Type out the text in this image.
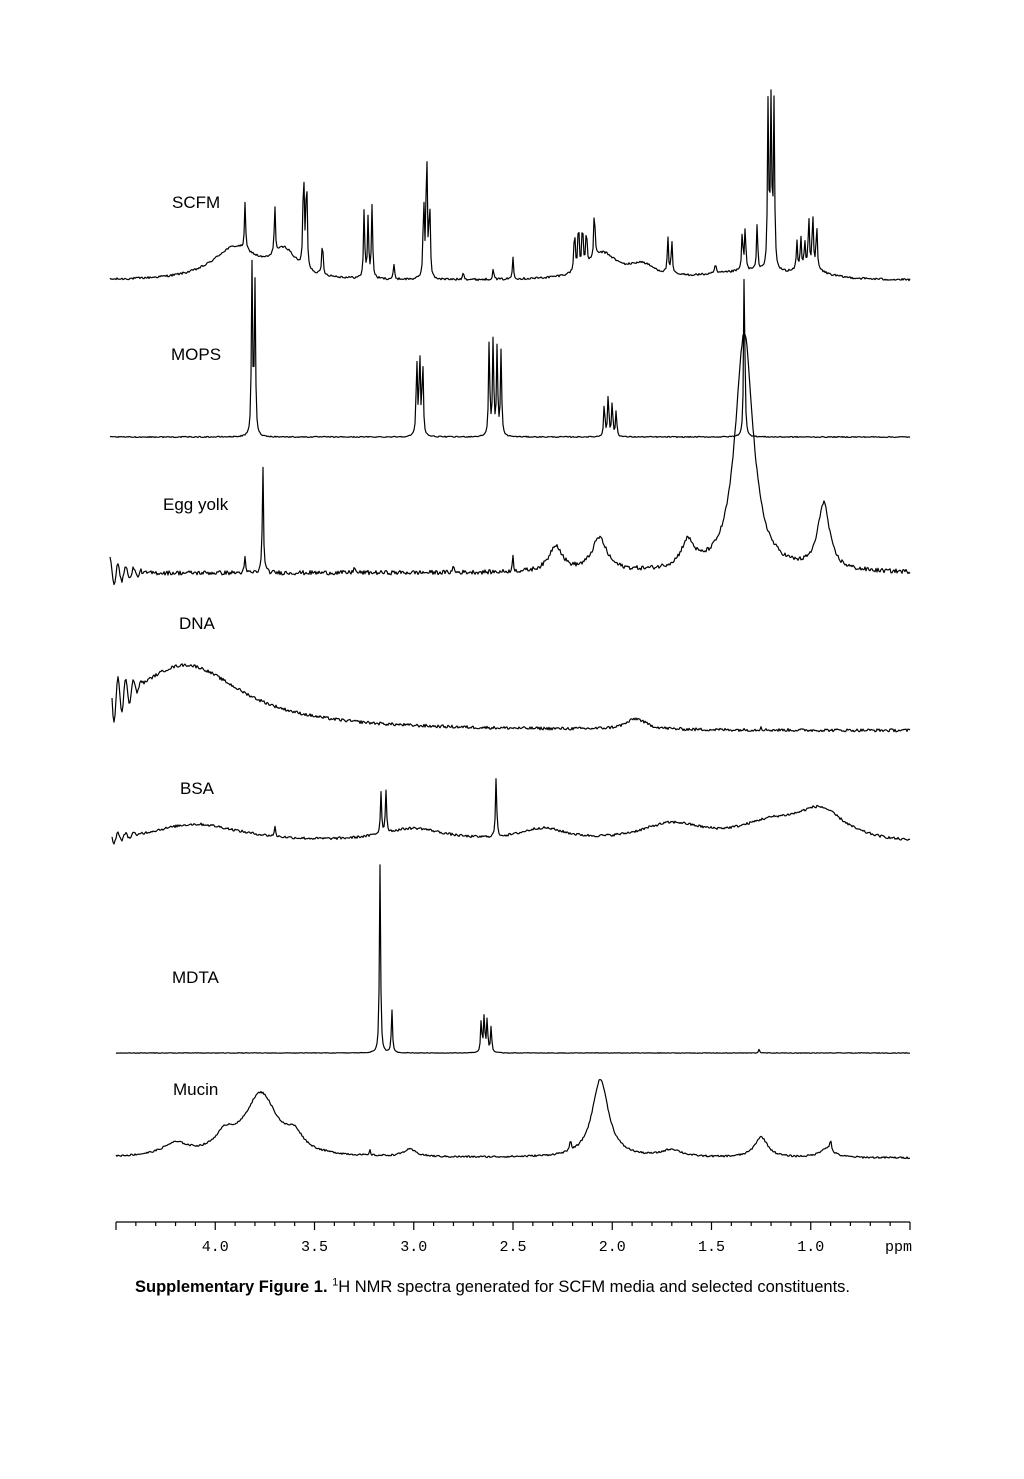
SCFM
MOPS
Egg yolk
DNA
BSA
MDTA
Mucin
4.0	3.5	3.0	2.5	2.0	1.5	1.0	ppm
Supplementary Figure 1. $^1$H NMR spectra generated for SCFM media and selected constituents.
